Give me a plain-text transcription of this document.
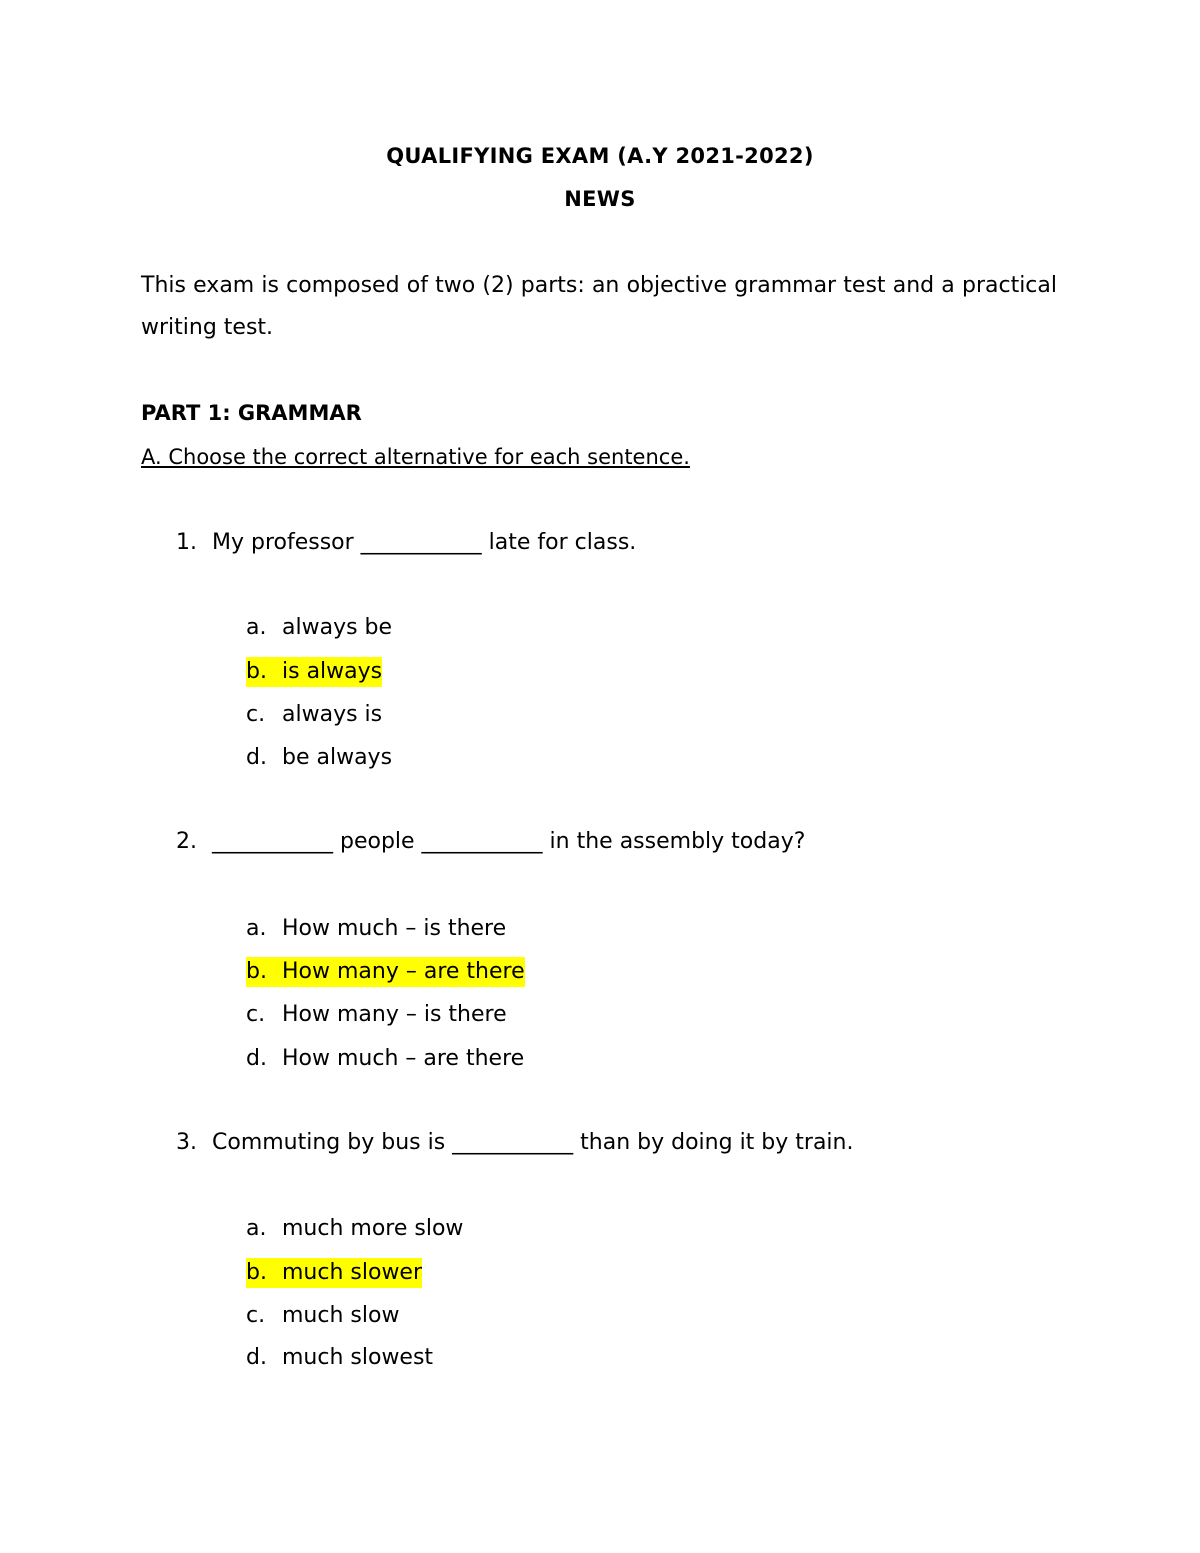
QUALIFYING EXAM (A.Y 2021-2022)
NEWS
This exam is composed of two (2) parts: an objective grammar test and a practical writing test.
PART 1: GRAMMAR
A. Choose the correct alternative for each sentence.
1. My professor ___________ late for class.
a. always be
b. is always
c. always is
d. be always
2. ___________ people ___________ in the assembly today?
a. How much – is there
b. How many – are there
c. How many – is there
d. How much – are there
3. Commuting by bus is ___________ than by doing it by train.
a. much more slow
b. much slower
c. much slow
d. much slowest
